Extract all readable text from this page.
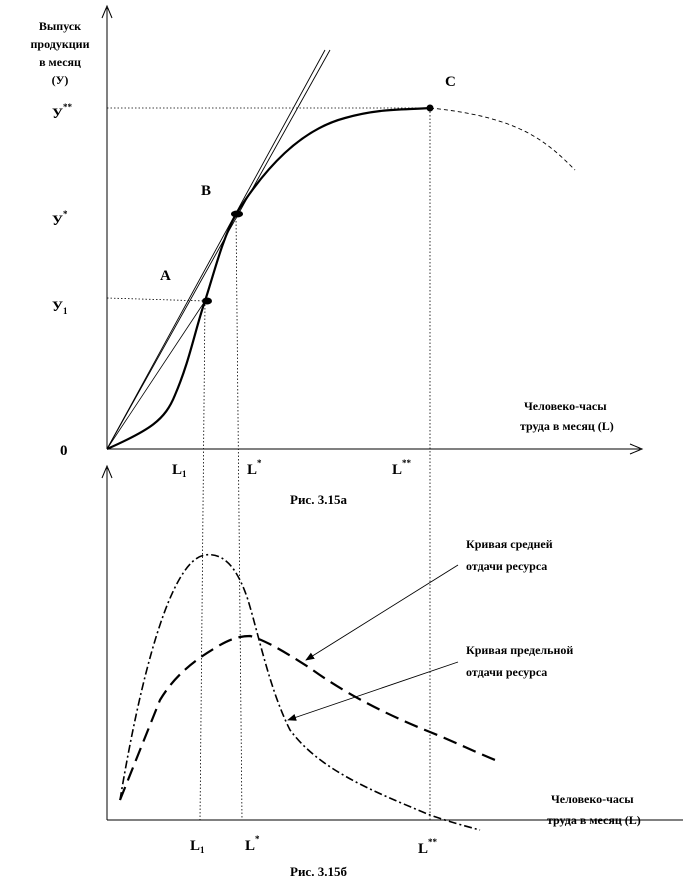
Выпуск
продукции
в месяц
(У)
У**
У*
$У_1$
0
A
B
C
Человеко-часы
труда в месяц (L)
$L_1$	L*	L**
Рис. 3.15а
Кривая средней
отдачи ресурса
Кривая предельной
отдачи ресурса
Человеко-часы
труда в месяц (L)
$L_1$	L*
L**
Рис. 3.15б
